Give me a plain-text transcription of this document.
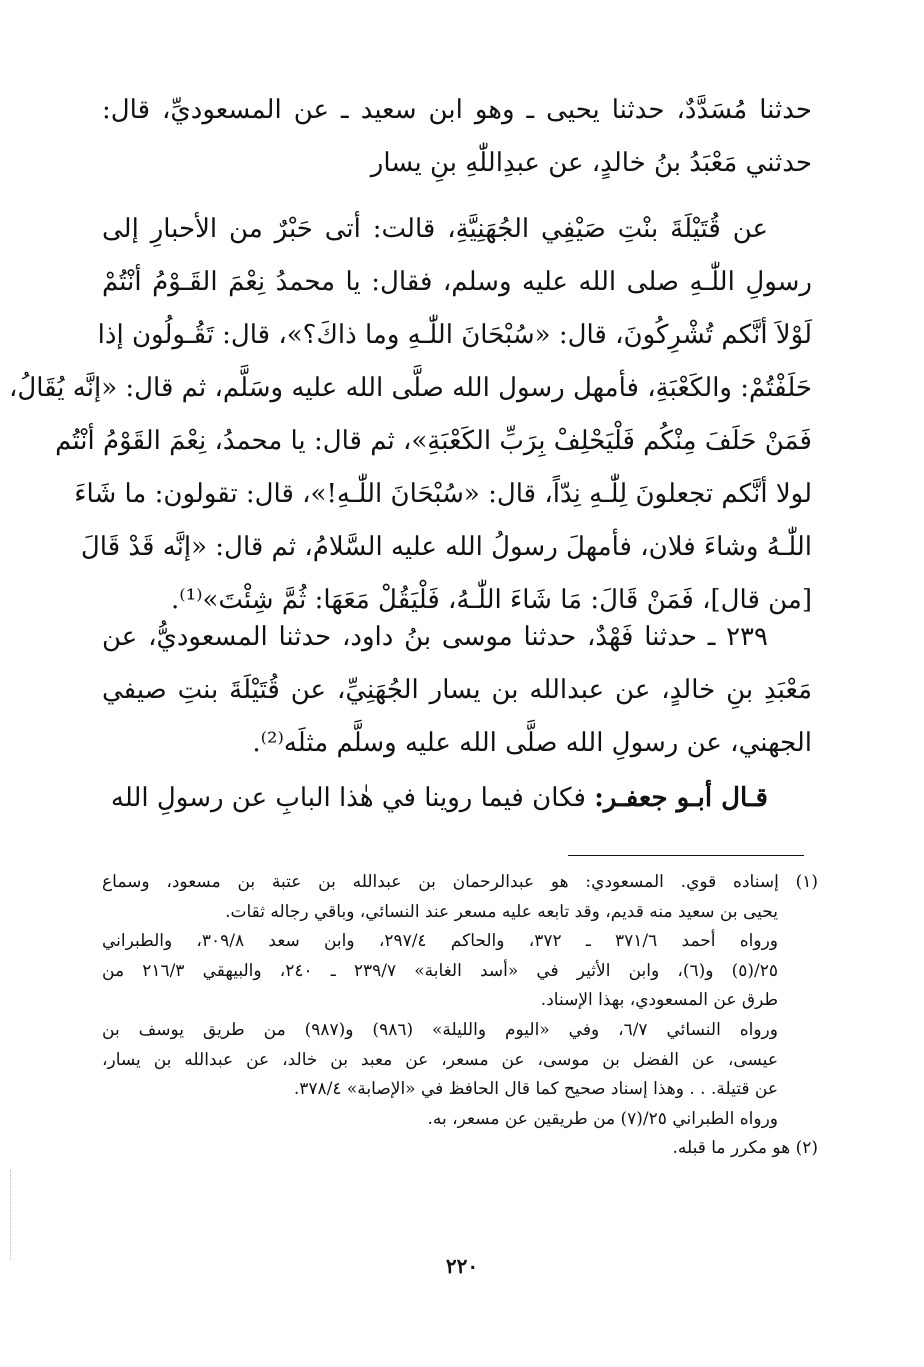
حدثنا مُسَدَّدٌ، حدثنا يحيى ـ وهو ابن سعيد ـ عن المسعوديِّ، قال:
حدثني مَعْبَدُ بنُ خالدٍ، عن عبدِاللّٰهِ بنِ يسار
عن قُتَيْلَةَ بنْتِ صَيْفِي الجُهَنِيَّةِ، قالت: أتى حَبْرٌ من الأحبارِ إلى
رسولِ اللّٰـهِ صلى الله عليه وسلم، فقال: يا محمدُ نِعْمَ القَـوْمُ أنْتُمْ
لَوْلاَ أنَّكم تُشْرِكُونَ، قال: «سُبْحَانَ اللّٰـهِ وما ذاكَ؟»، قال: تَقُـولُون إذا
حَلَفْتُمْ: والكَعْبَةِ، فأمهل رسول الله صلَّى الله عليه وسَلَّم، ثم قال: «إنَّه يُقَالُ،
فَمَنْ حَلَفَ مِنْكُم فَلْيَحْلِفْ بِرَبِّ الكَعْبَةِ»، ثم قال: يا محمدُ، نِعْمَ القَوْمُ أنْتُم
لولا أنَّكم تجعلونَ لِلّٰـهِ نِدّاً، قال: «سُبْحَانَ اللّٰـهِ!»، قال: تقولون: ما شَاءَ
اللّٰـهُ وشاءَ فلان، فأمهلَ رسولُ الله عليه السَّلامُ، ثم قال: «إنَّه قَدْ قَالَ
[من قال]، فَمَنْ قَالَ: مَا شَاءَ اللّٰـهُ، فَلْيَقُلْ مَعَهَا: ثُمَّ شِئْتَ»⁽¹⁾.
٢٣٩ ـ حدثنا فَهْدٌ، حدثنا موسى بنُ داود، حدثنا المسعوديُّ، عن
مَعْبَدِ بنِ خالدٍ، عن عبدالله بن يسار الجُهَنِيِّ، عن قُتَيْلَةَ بنتِ صيفي
الجهني، عن رسولِ الله صلَّى الله عليه وسلَّم مثلَه⁽²⁾.
قـال أبـو جعفـر: فكان فيما روينا في هٰذا البابِ عن رسولِ الله
(١) إسناده قوي. المسعودي: هو عبدالرحمان بن عبدالله بن عتبة بن مسعود، وسماع
يحيى بن سعيد منه قديم، وقد تابعه عليه مسعر عند النسائي، وباقي رجاله ثقات.
ورواه أحمد ٣٧١/٦ ـ ٣٧٢، والحاكم ٢٩٧/٤، وابن سعد ٣٠٩/٨، والطبراني
٢٥/(٥) و(٦)، وابن الأثير في «أسد الغابة» ٢٣٩/٧ ـ ٢٤٠، والبيهقي ٢١٦/٣ من
طرق عن المسعودي، بهذا الإسناد.
ورواه النسائي ٦/٧، وفي «اليوم والليلة» (٩٨٦) و(٩٨٧) من طريق يوسف بن
عيسى، عن الفضل بن موسى، عن مسعر، عن معبد بن خالد، عن عبدالله بن يسار،
عن قتيلة. . . وهذا إسناد صحيح كما قال الحافظ في «الإصابة» ٣٧٨/٤.
ورواه الطبراني ٢٥/(٧) من طريقين عن مسعر، به.
(٢) هو مكرر ما قبله.
٢٢٠
